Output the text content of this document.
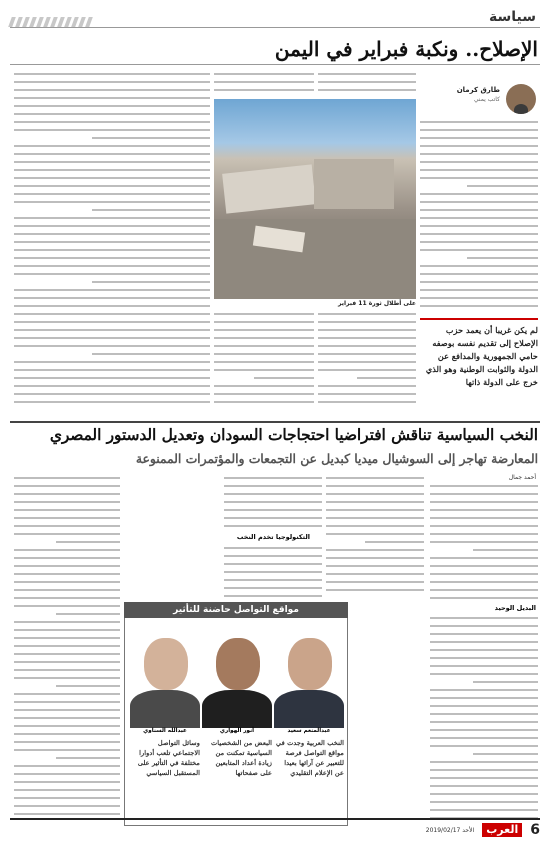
سياسة
الإصلاح.. ونكبة فبراير في اليمن
طارق كرمان
كاتب يمني
على أطلال ثورة 11 فبراير
لم يكن غريبا أن يعمد حزب الإصلاح إلى تقديم نفسه بوصفه حامي الجمهورية والمدافع عن الدولة والثوابت الوطنية وهو الذي خرج على الدولة ذاتها
النخب السياسية تناقش افتراضيا احتجاجات السودان وتعديل الدستور المصري
المعارضة تهاجر إلى السوشيال ميديا كبديل عن التجمعات والمؤتمرات الممنوعة
أحمد جمال
البديل الوحيد
التكنولوجيا تخدم النخب
مواقع التواصل حاضنة للتأثير
عبدالمنعم سعيد
أنور الهواري
عبدالله السناوي
النخب العربية وجدت في مواقع التواصل فرصة للتعبير عن آرائها بعيدا عن الإعلام التقليدي
البعض من الشخصيات السياسية تمكنت من زيادة أعداد المتابعين على صفحاتها
وسائل التواصل الاجتماعي تلعب أدوارا مختلفة في التأثير على المستقبل السياسي
6
العرب
الأحد 2019/02/17
